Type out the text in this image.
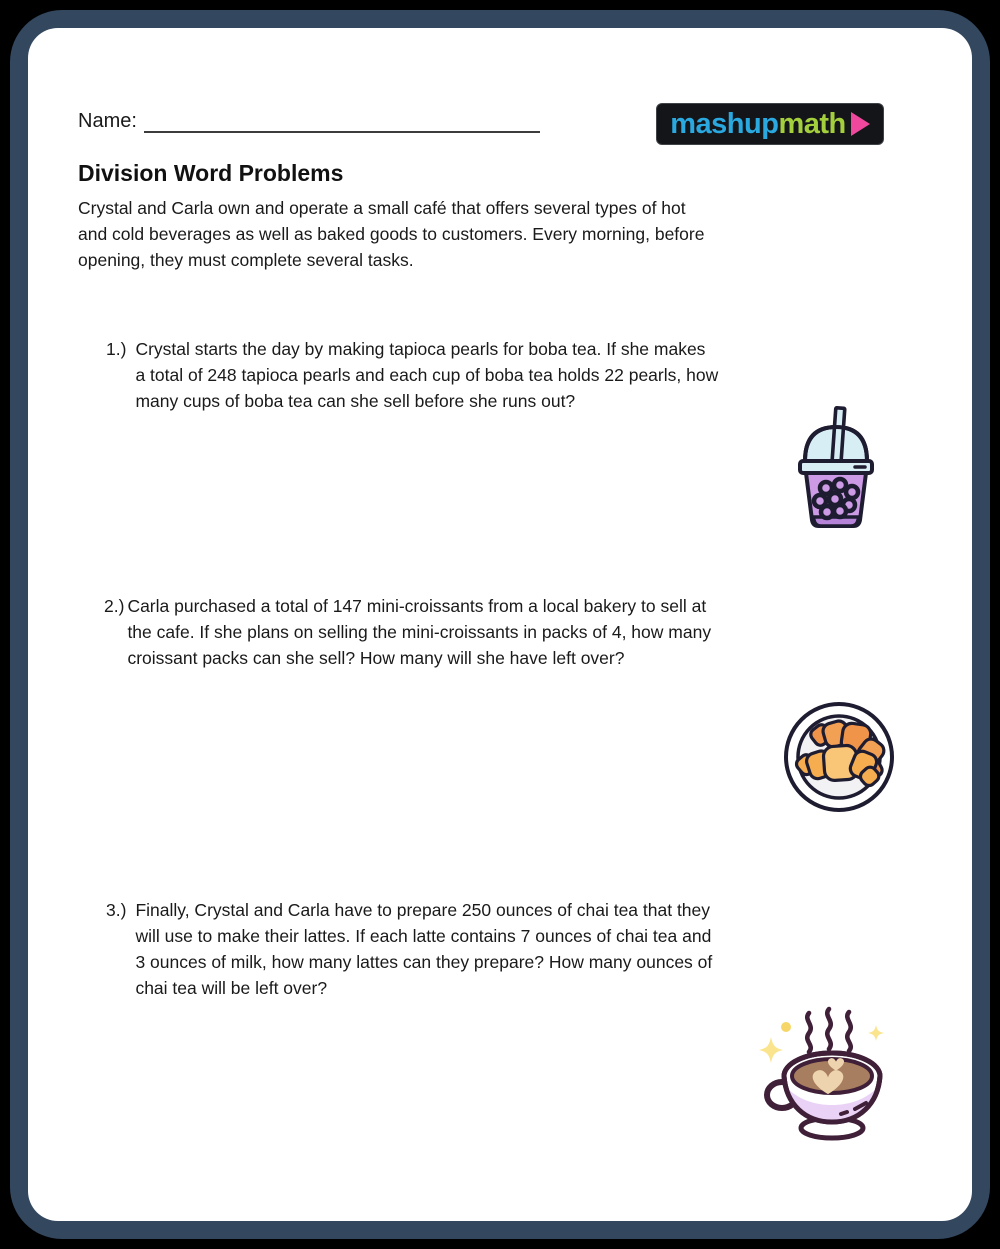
Name:	mashup math
Division Word Problems
Crystal and Carla own and operate a small café that offers several types of hot
and cold beverages as well as baked goods to customers. Every morning, before
opening, they must complete several tasks.
1.) Crystal starts the day by making tapioca pearls for boba tea. If she makes
a total of 248 tapioca pearls and each cup of boba tea holds 22 pearls, how
many cups of boba tea can she sell before she runs out?
2.) Carla purchased a total of 147 mini-croissants from a local bakery to sell at
the cafe. If she plans on selling the mini-croissants in packs of 4, how many
croissant packs can she sell? How many will she have left over?
3.) Finally, Crystal and Carla have to prepare 250 ounces of chai tea that they
will use to make their lattes. If each latte contains 7 ounces of chai tea and
3 ounces of milk, how many lattes can they prepare? How many ounces of
chai tea will be left over?
